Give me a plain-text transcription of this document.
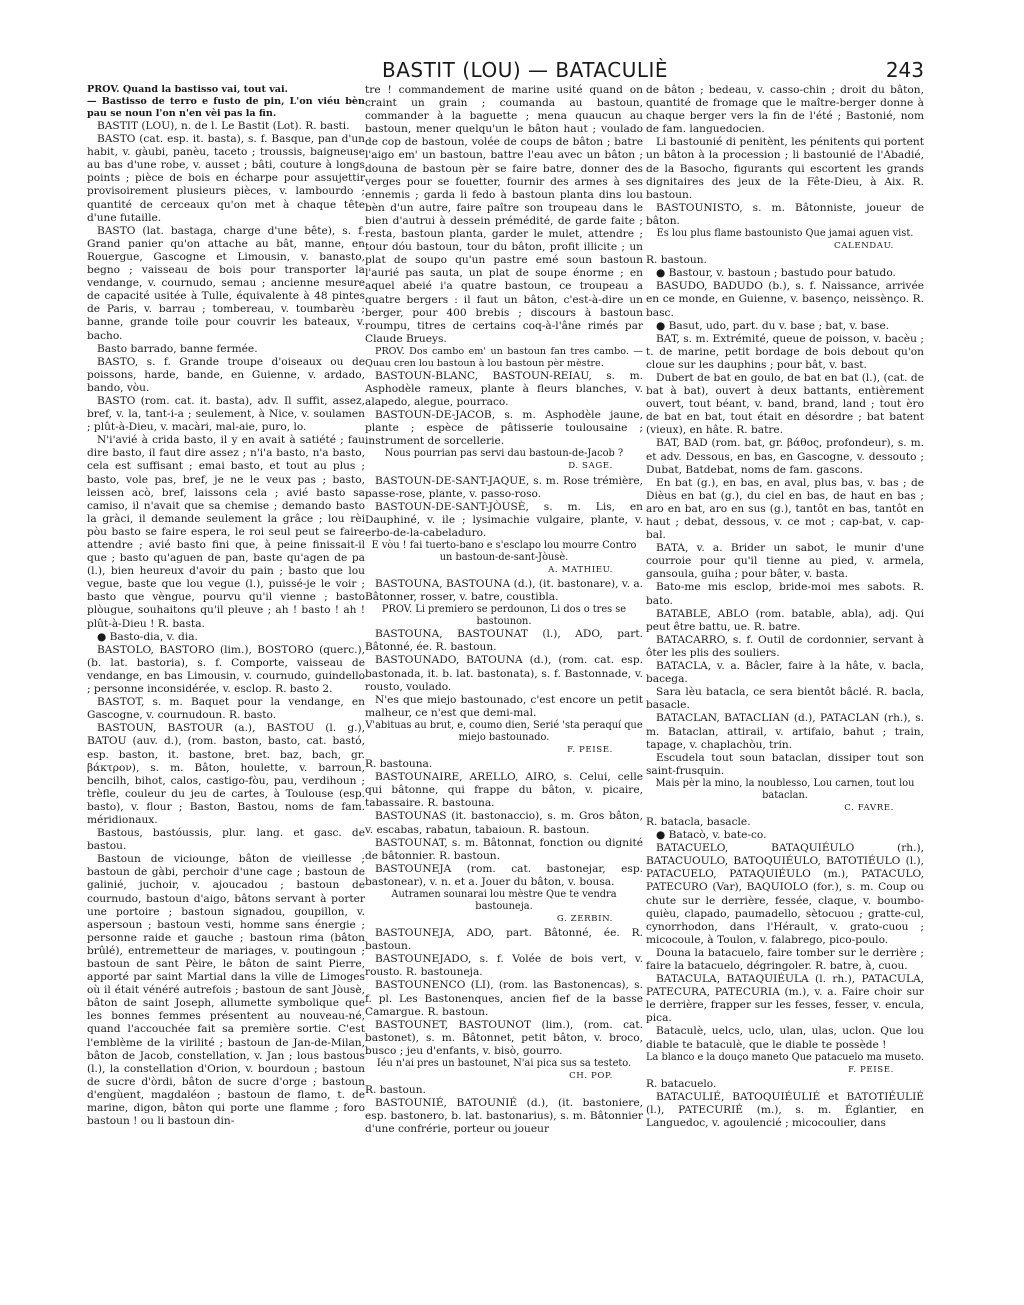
BASTIT (LOU) — BATACULIÈ	243

PROV. Quand la bastisso vai, tout vai.

— Bastisso de terro e fusto de pin, L'on viéu bèn pau se noun l'on n'en vèi pas la fin.

BASTIT (LOU), n. de l. Le Bastit (Lot). R. basti.

BASTO (cat. esp. it. basta), s. f. Basque, pan d'un habit, v. gàubi, panèu, taceto ; troussis, baigneuse au bas d'une robe, v. ausset ; bâti, couture à longs points ; pièce de bois en écharpe pour assujettir provisoirement plusieurs pièces, v. lambourdo ; quantité de cerceaux qu'on met à chaque tête d'une futaille.

BASTO (lat. bastaga, charge d'une bête), s. f. Grand panier qu'on attache au bât, manne, en Rouergue, Gascogne et Limousin, v. banasto, begno ; vaisseau de bois pour transporter la vendange, v. cournudo, semau ; ancienne mesure de capacité usitée à Tulle, équivalente à 48 pintes de Paris, v. barrau ; tombereau, v. toumbarèu ; banne, grande toile pour couvrir les bateaux, v. bacho.

Basto barrado, banne fermée.

BASTO, s. f. Grande troupe d'oiseaux ou de poissons, harde, bande, en Guienne, v. ardado, bando, vòu.

BASTO (rom. cat. it. basta), adv. Il suffit, assez, bref, v. la, tant-i-a ; seulement, à Nice, v. soulamen ; plût-à-Dieu, v. macàri, mal-aie, puro, lo.

N'i'avié à crida basto, il y en avait à satiété ; fau dire basto, il faut dire assez ; n'i'a basto, n'a basto, cela est suffisant ; emai basto, et tout au plus ; basto, vole pas, bref, je ne le veux pas ; basto, leissen acò, bref, laissons cela ; avié basto sa camiso, il n'avait que sa chemise ; demando basto la gràci, il demande seulement la grâce ; lou rèi pòu basto se faire espera, le roi seul peut se faire attendre ; avié basto fini que, à peine finissait-il que ; basto qu'aguen de pan, baste qu'agen de pa (l.), bien heureux d'avoir du pain ; basto que lou vegue, baste que lou vegue (l.), puissé-je le voir ; basto que vèngue, pourvu qu'il vienne ; basto plòugue, souhaitons qu'il pleuve ; ah ! basto ! ah ! plût-à-Dieu ! R. basta.

● Basto-dia, v. dia.

BASTOLO, BASTORO (lim.), BOSTORO (querc.), (b. lat. bastoria), s. f. Comporte, vaisseau de vendange, en bas Limousin, v. cournudo, guindello ; personne inconsidérée, v. esclop. R. basto 2.

BASTOT, s. m. Baquet pour la vendange, en Gascogne, v. cournudoun. R. basto.

BASTOUN, BASTOUR (a.), BASTOU (l. g.), BATOU (auv. d.), (rom. baston, basto, cat. bastó, esp. baston, it. bastone, bret. baz, bach, gr. βάκτρον), s. m. Bâton, houlette, v. barroun, bencilh, bihot, calos, castigo-fòu, pau, verdihoun ; trèfle, couleur du jeu de cartes, à Toulouse (esp. basto), v. flour ; Baston, Bastou, noms de fam. méridionaux.

Bastous, bastóussis, plur. lang. et gasc. de bastou.

Bastoun de viciounge, bâton de vieillesse ; bastoun de gàbi, perchoir d'une cage ; bastoun de galinié, juchoir, v. ajoucadou ; bastoun de cournudo, bastoun d'aigo, bâtons servant à porter une portoire ; bastoun signadou, goupillon, v. aspersoun ; bastoun vesti, homme sans énergie ; personne raide et gauche ; bastoun rima (bâton brûlé), entremetteur de mariages, v. poutingoun ; bastoun de sant Pèire, le bâton de saint Pierre, apporté par saint Martial dans la ville de Limoges où il était vénéré autrefois ; bastoun de sant Jòusè, bâton de saint Joseph, allumette symbolique que les bonnes femmes présentent au nouveau-né, quand l'accouchée fait sa première sortie. C'est l'emblème de la virilité ; bastoun de Jan-de-Milan, bâton de Jacob, constellation, v. Jan ; lous bastous (l.), la constellation d'Orion, v. bourdoun ; bastoun de sucre d'òrdi, bâton de sucre d'orge ; bastoun d'engùent, magdaléon ; bastoun de flamo, t. de marine, digon, bâton qui porte une flamme ; foro bastoun ! ou li bastoun din-

tre ! commandement de marine usité quand on craint un grain ; coumanda au bastoun, commander à la baguette ; mena quaucun au bastoun, mener quelqu'un le bâton haut ; voulado de cop de bastoun, volée de coups de bâton ; batre l'aigo em' un bastoun, battre l'eau avec un bâton ; douna de bastoun pèr se faire batre, donner des verges pour se fouetter, fournir des armes à ses ennemis ; garda li fedo à bastoun planta dins lou bèn d'un autre, faire paître son troupeau dans le bien d'autrui à dessein prémédité, de garde faite ; resta, bastoun planta, garder le mulet, attendre ; tour dóu bastoun, tour du bâton, profit illicite ; un plat de soupo qu'un pastre emé soun bastoun l'aurié pas sauta, un plat de soupe énorme ; en aquel abeié i'a quatre bastoun, ce troupeau a quatre bergers : il faut un bâton, c'est-à-dire un berger, pour 400 brebis ; discours à bastoun roumpu, titres de certains coq-à-l'âne rimés par Claude Brueys.

PROV. Dos cambo em' un bastoun fan tres cambo. — Quau cren lou bastoun à lou bastoun pèr mèstre.

BASTOUN-BLANC, BASTOUN-REIAU, s. m. Asphodèle rameux, plante à fleurs blanches, v. alapedo, alegue, pourraco.

BASTOUN-DE-JACOB, s. m. Asphodèle jaune, plante ; espèce de pâtisserie toulousaine ; instrument de sorcellerie.

Nous pourrian pas servi dau bastoun-de-Jacob ?

D. SAGE.

BASTOUN-DE-SANT-JAQUE, s. m. Rose trémière, passe-rose, plante, v. passo-roso.

BASTOUN-DE-SANT-JÒUSÈ, s. m. Lis, en Dauphiné, v. ile ; lysimachie vulgaire, plante, v. erbo-de-la-cabeladuro.

E vòu ! fai tuerto-bano e s'esclapo lou mourre Contro un bastoun-de-sant-Jòusè.

A. MATHIEU.

BASTOUNA, BASTOUNA (d.), (it. bastonare), v. a. Bâtonner, rosser, v. batre, coustibla.

PROV. Li premiero se perdounon, Li dos o tres se bastounon.

BASTOUNA, BASTOUNAT (l.), ADO, part. Bâtonné, ée. R. bastoun.

BASTOUNADO, BATOUNA (d.), (rom. cat. esp. bastonada, it. b. lat. bastonata), s. f. Bastonnade, v. rousto, voulado.

N'es que miejo bastounado, c'est encore un petit malheur, ce n'est que demi-mal.

V'abituas au brut, e, coumo dien, Serié 'sta peraquí que miejo bastounado.

F. PEISE.

R. bastouna.

BASTOUNAIRE, ARELLO, AIRO, s. Celui, celle qui bâtonne, qui frappe du bâton, v. picaire, tabassaire. R. bastouna.

BASTOUNAS (it. bastonaccio), s. m. Gros bâton, v. escabas, rabatun, tabaioun. R. bastoun.

BASTOUNAT, s. m. Bâtonnat, fonction ou dignité de bâtonnier. R. bastoun.

BASTOUNEJA (rom. cat. bastonejar, esp. bastonear), v. n. et a. Jouer du bâton, v. bousa.

Autramen sounarai lou mèstre Que te vendra bastouneja.

G. ZERBIN.

BASTOUNEJA, ADO, part. Bâtonné, ée. R. bastoun.

BASTOUNEJADO, s. f. Volée de bois vert, v. rousto. R. bastouneja.

BASTOUNENCO (LI), (rom. las Bastonencas), s. f. pl. Les Bastonenques, ancien fief de la basse Camargue. R. bastoun.

BASTOUNET, BASTOUNOT (lim.), (rom. cat. bastonet), s. m. Bâtonnet, petit bâton, v. broco, busco ; jeu d'enfants, v. bisò, gourro.

Iéu n'ai pres un bastounet, N'ai pica sus sa testeto.

CH. POP.

R. bastoun.

BASTOUNIÉ, BATOUNIÉ (d.), (it. bastoniere, esp. bastonero, b. lat. bastonarius), s. m. Bâtonnier d'une confrérie, porteur ou joueur

de bâton ; bedeau, v. casso-chin ; droit du bâton, quantité de fromage que le maître-berger donne à chaque berger vers la fin de l'été ; Bastonié, nom de fam. languedocien.

Li bastounié di penitènt, les pénitents qui portent un bâton à la procession ; li bastounié de l'Abadié, de la Basocho, figurants qui escortent les grands dignitaires des jeux de la Fête-Dieu, à Aix. R. bastoun.

BASTOUNISTO, s. m. Bâtonniste, joueur de bâton.

Es lou plus flame bastounisto Que jamai aguen vist.

CALENDAU.

R. bastoun.

● Bastour, v. bastoun ; bastudo pour batudo.

BASUDO, BADUDO (b.), s. f. Naissance, arrivée en ce monde, en Guienne, v. basenço, neissènço. R. basc.

● Basut, udo, part. du v. base ; bat, v. base.

BAT, s. m. Extrémité, queue de poisson, v. bacèu ; t. de marine, petit bordage de bois debout qu'on cloue sur les dauphins ; pour bât, v. bast.

Dubert de bat en goulo, de bat en bat (l.), (cat. de bat à bat), ouvert à deux battants, entièrement ouvert, tout béant, v. band, brand, land ; tout èro de bat en bat, tout était en désordre ; bat batent (vieux), en hâte. R. batre.

BAT, BAD (rom. bat, gr. βάθος, profondeur), s. m. et adv. Dessous, en bas, en Gascogne, v. dessouto ; Dubat, Batdebat, noms de fam. gascons.

En bat (g.), en bas, en aval, plus bas, v. bas ; de Dièus en bat (g.), du ciel en bas, de haut en bas ; aro en bat, aro en sus (g.), tantôt en bas, tantôt en haut ; debat, dessous, v. ce mot ; cap-bat, v. cap-bal.

BATA, v. a. Brider un sabot, le munir d'une courroie pour qu'il tienne au pied, v. armela, gansoula, guiha ; pour bâter, v. basta.

Bato-me mis esclop, bride-moi mes sabots. R. bato.

BATABLE, ABLO (rom. batable, abla), adj. Qui peut être battu, ue. R. batre.

BATACARRO, s. f. Outil de cordonnier, servant à ôter les plis des souliers.

BATACLA, v. a. Bâcler, faire à la hâte, v. bacla, bacega.

Sara lèu batacla, ce sera bientôt bâclé. R. bacla, basacle.

BATACLAN, BATACLIAN (d.), PATACLAN (rh.), s. m. Bataclan, attirail, v. artifaio, bahut ; train, tapage, v. chaplachòu, trin.

Escudela tout soun bataclan, dissiper tout son saint-frusquin.

Mais pèr la mino, la noublesso, Lou carnen, tout lou bataclan.

C. FAVRE.

R. batacla, basacle.

● Batacò, v. bate-co.

BATACUELO, BATAQUIÉULO (rh.), BATACUOULO, BATOQUIÉULO, BATOTIÉULO (l.), PATACUELO, PATAQUIÉULO (m.), PATACULO, PATECURO (Var), BAQUIOLO (for.), s. m. Coup ou chute sur le derrière, fessée, claque, v. boumbo-quièu, clapado, paumadello, sètocuou ; gratte-cul, cynorrhodon, dans l'Hérault, v. grato-cuou ; micocoule, à Toulon, v. falabrego, pico-poulo.

Douna la batacuelo, faire tomber sur le derrière ; faire la batacuelo, dégringoler. R. batre, à, cuou.

BATACULA, BATAQUIÉULA (l. rh.), PATACULA, PATECURA, PATECURIA (m.), v. a. Faire choir sur le derrière, frapper sur les fesses, fesser, v. encula, pica.

Bataculè, uelcs, uclo, ulan, ulas, uclon. Que lou diable te bataculè, que le diable te possède !

La blanco e la douço maneto Que patacuelo ma museto.

F. PEISE.

R. batacuelo.

BATACULIÉ, BATOQUIÉULIÉ et BATOTIÉULIÉ (l.), PATECURIÉ (m.), s. m. Églantier, en Languedoc, v. agoulencié ; micocoulier, dans
